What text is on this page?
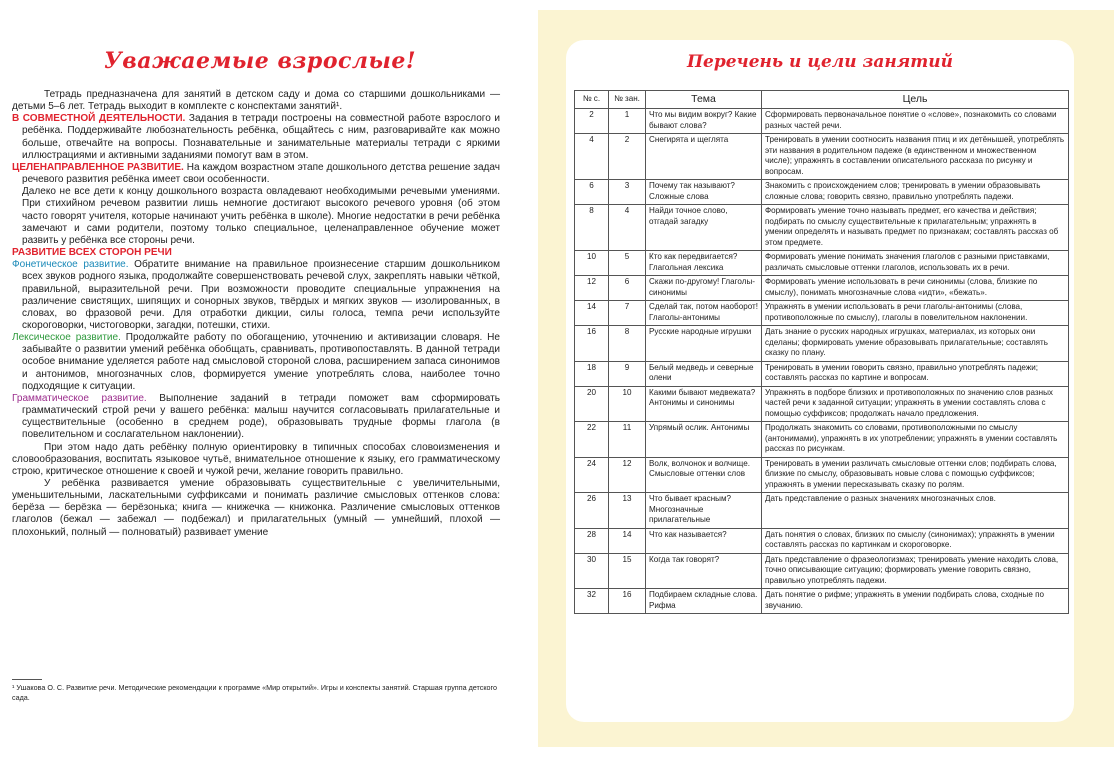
Уважаемые взрослые!

Тетрадь предназначена для занятий в детском саду и дома со старшими дошкольниками — детьми 5–6 лет. Тетрадь выходит в комплекте с конспектами занятий¹.

В СОВМЕСТНОЙ ДЕЯТЕЛЬНОСТИ. Задания в тетради построены на совместной работе взрослого и ребёнка. Поддерживайте любознательность ребёнка, общайтесь с ним, разговаривайте как можно больше, отвечайте на вопросы. Познавательные и занимательные материалы тетради с яркими иллюстрациями и активными заданиями помогут вам в этом.

ЦЕЛЕНАПРАВЛЕННОЕ РАЗВИТИЕ. На каждом возрастном этапе дошкольного детства решение задач речевого развития ребёнка имеет свои особенности.

Далеко не все дети к концу дошкольного возраста овладевают необходимыми речевыми умениями. При стихийном речевом развитии лишь немногие достигают высокого речевого уровня (об этом часто говорят учителя, которые начинают учить ребёнка в школе). Многие недостатки в речи ребёнка замечают и сами родители, поэтому только специальное, целенаправленное обучение может развить у ребёнка все стороны речи.

РАЗВИТИЕ ВСЕХ СТОРОН РЕЧИ

Фонетическое развитие. Обратите внимание на правильное произнесение старшим дошкольником всех звуков родного языка, продолжайте совершенствовать речевой слух, закреплять навыки чёткой, правильной, выразительной речи. При возможности проводите специальные упражнения на различение свистящих, шипящих и сонорных звуков, твёрдых и мягких звуков — изолированных, в словах, во фразовой речи. Для отработки дикции, силы голоса, темпа речи используйте скороговорки, чистоговорки, загадки, потешки, стихи.

Лексическое развитие. Продолжайте работу по обогащению, уточнению и активизации словаря. Не забывайте о развитии умений ребёнка обобщать, сравнивать, противопоставлять. В данной тетради особое внимание уделяется работе над смысловой стороной слова, расширением запаса синонимов и антонимов, многозначных слов, формируется умение употреблять слова, наиболее точно подходящие к ситуации.

Грамматическое развитие. Выполнение заданий в тетради поможет вам сформировать грамматический строй речи у вашего ребёнка: малыш научится согласовывать прилагательные и существительные (особенно в среднем роде), образовывать трудные формы глагола (в повелительном и сослагательном наклонении).

При этом надо дать ребёнку полную ориентировку в типичных способах словоизменения и словообразования, воспитать языковое чутьё, внимательное отношение к языку, его грамматическому строю, критическое отношение к своей и чужой речи, желание говорить правильно.

У ребёнка развивается умение образовывать существительные с увеличительными, уменьшительными, ласкательными суффиксами и понимать различие смысловых оттенков слова: берёза — берёзка — берёзонька; книга — книжечка — книжонка. Различение смысловых оттенков глаголов (бежал — забежал — подбежал) и прилагательных (умный — умнейший, плохой — плохонький, полный — полноватый) развивает умение

¹ Ушакова О. С. Развитие речи. Методические рекомендации к программе «Мир открытий». Игры и конспекты занятий. Старшая группа детского сада.
Перечень и цели занятий
№ с.	№ зан.	Тема	Цель
2	1	Что мы видим вокруг? Какие бывают слова?	Сформировать первоначальное понятие о «слове», познакомить со словами разных частей речи.
4	2	Снегирята и щеглята	Тренировать в умении соотносить названия птиц и их детёнышей, употреблять эти названия в родительном падеже (в единственном и множественном числе); упражнять в составлении описательного рассказа по рисунку и вопросам.
6	3	Почему так называют? Сложные слова	Знакомить с происхождением слов; тренировать в умении образовывать сложные слова; говорить связно, правильно употреблять падежи.
8	4	Найди точное слово, отгадай загадку	Формировать умение точно называть предмет, его качества и действия; подбирать по смыслу существительные к прилагательным; упражнять в умении определять и называть предмет по признакам; составлять рассказ об этом предмете.
10	5	Кто как передвигается? Глагольная лексика	Формировать умение понимать значения глаголов с разными приставками, различать смысловые оттенки глаголов, использовать их в речи.
12	6	Скажи по-другому! Глаголы-синонимы	Формировать умение использовать в речи синонимы (слова, близкие по смыслу), понимать многозначные слова «идти», «бежать».
14	7	Сделай так, потом наоборот! Глаголы-антонимы	Упражнять в умении использовать в речи глаголы-антонимы (слова, противоположные по смыслу), глаголы в повелительном наклонении.
16	8	Русские народные игрушки	Дать знание о русских народных игрушках, материалах, из которых они сделаны; формировать умение образовывать прилагательные; составлять сказку по плану.
18	9	Белый медведь и северные олени	Тренировать в умении говорить связно, правильно употреблять падежи; составлять рассказ по картине и вопросам.
20	10	Какими бывают медвежата? Антонимы и синонимы	Упражнять в подборе близких и противоположных по значению слов разных частей речи к заданной ситуации; упражнять в умении составлять слова с помощью суффиксов; продолжать начало предложения.
22	11	Упрямый ослик. Антонимы	Продолжать знакомить со словами, противоположными по смыслу (антонимами), упражнять в их употреблении; упражнять в умении составлять рассказ по рисункам.
24	12	Волк, волчонок и волчище. Смысловые оттенки слов	Тренировать в умении различать смысловые оттенки слов; подбирать слова, близкие по смыслу, образовывать новые слова с помощью суффиксов; упражнять в умении пересказывать сказку по ролям.
26	13	Что бывает красным? Многозначные прилагательные	Дать представление о разных значениях многозначных слов.
28	14	Что как называется?	Дать понятия о словах, близких по смыслу (синонимах); упражнять в умении составлять рассказ по картинкам и скороговорке.
30	15	Когда так говорят?	Дать представление о фразеологизмах; тренировать умение находить слова, точно описывающие ситуацию; формировать умение говорить связно, правильно употреблять падежи.
32	16	Подбираем складные слова. Рифма	Дать понятие о рифме; упражнять в умении подбирать слова, сходные по звучанию.
